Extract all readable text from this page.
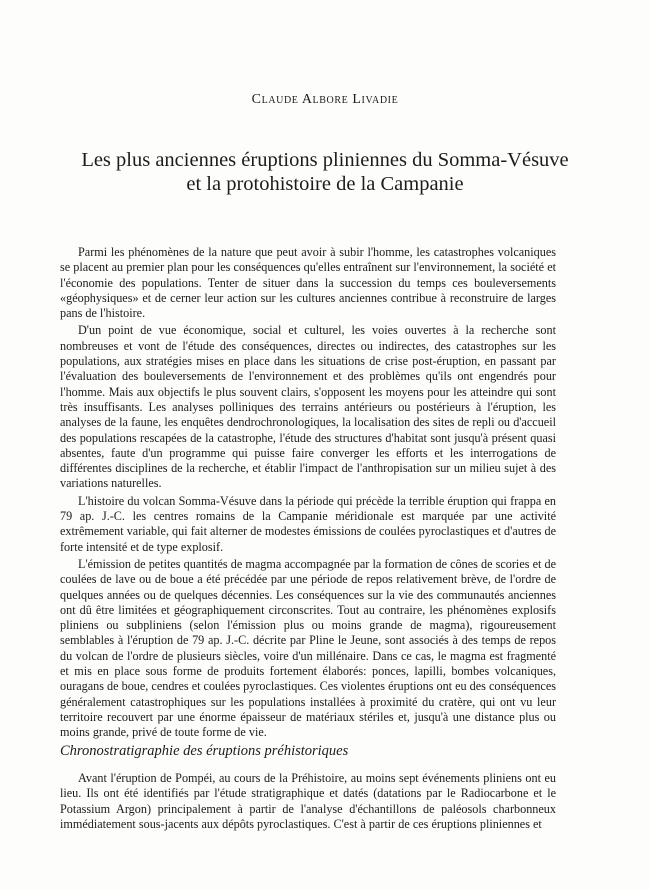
Claude Albore Livadie
Les plus anciennes éruptions pliniennes du Somma-Vésuve
et la protohistoire de la Campanie

Parmi les phénomènes de la nature que peut avoir à subir l'homme, les catastrophes volcaniques se placent au premier plan pour les conséquences qu'elles entraînent sur l'environnement, la société et l'économie des populations. Tenter de situer dans la succession du temps ces bouleversements «géophysiques» et de cerner leur action sur les cultures anciennes contribue à reconstruire de larges pans de l'histoire.

D'un point de vue économique, social et culturel, les voies ouvertes à la recherche sont nombreuses et vont de l'étude des conséquences, directes ou indirectes, des catastrophes sur les populations, aux stratégies mises en place dans les situations de crise post-éruption, en passant par l'évaluation des bouleversements de l'environnement et des problèmes qu'ils ont engendrés pour l'homme. Mais aux objectifs le plus souvent clairs, s'opposent les moyens pour les atteindre qui sont très insuffisants. Les analyses polliniques des terrains antérieurs ou postérieurs à l'éruption, les analyses de la faune, les enquêtes dendrochronologiques, la localisation des sites de repli ou d'accueil des populations rescapées de la catastrophe, l'étude des structures d'habitat sont jusqu'à présent quasi absentes, faute d'un programme qui puisse faire converger les efforts et les interrogations de différentes disciplines de la recherche, et établir l'impact de l'anthropisation sur un milieu sujet à des variations naturelles.

L'histoire du volcan Somma-Vésuve dans la période qui précède la terrible éruption qui frappa en 79 ap. J.-C. les centres romains de la Campanie méridionale est marquée par une activité extrêmement variable, qui fait alterner de modestes émissions de coulées pyroclastiques et d'autres de forte intensité et de type explosif.

L'émission de petites quantités de magma accompagnée par la formation de cônes de scories et de coulées de lave ou de boue a été précédée par une période de repos relativement brève, de l'ordre de quelques années ou de quelques décennies. Les conséquences sur la vie des communautés anciennes ont dû être limitées et géographiquement circonscrites. Tout au contraire, les phénomènes explosifs pliniens ou subpliniens (selon l'émission plus ou moins grande de magma), rigoureusement semblables à l'éruption de 79 ap. J.-C. décrite par Pline le Jeune, sont associés à des temps de repos du volcan de l'ordre de plusieurs siècles, voire d'un millénaire. Dans ce cas, le magma est fragmenté et mis en place sous forme de produits fortement élaborés: ponces, lapilli, bombes volcaniques, ouragans de boue, cendres et coulées pyroclastiques. Ces violentes éruptions ont eu des conséquences généralement catastrophiques sur les populations installées à proximité du cratère, qui ont vu leur territoire recouvert par une énorme épaisseur de matériaux stériles et, jusqu'à une distance plus ou moins grande, privé de toute forme de vie.

Chronostratigraphie des éruptions préhistoriques

Avant l'éruption de Pompéi, au cours de la Préhistoire, au moins sept événements pliniens ont eu lieu. Ils ont été identifiés par l'étude stratigraphique et datés (datations par le Radiocarbone et le Potassium Argon) principalement à partir de l'analyse d'échantillons de paléosols charbonneux immédiatement sous-jacents aux dépôts pyroclastiques. C'est à partir de ces éruptions pliniennes et
